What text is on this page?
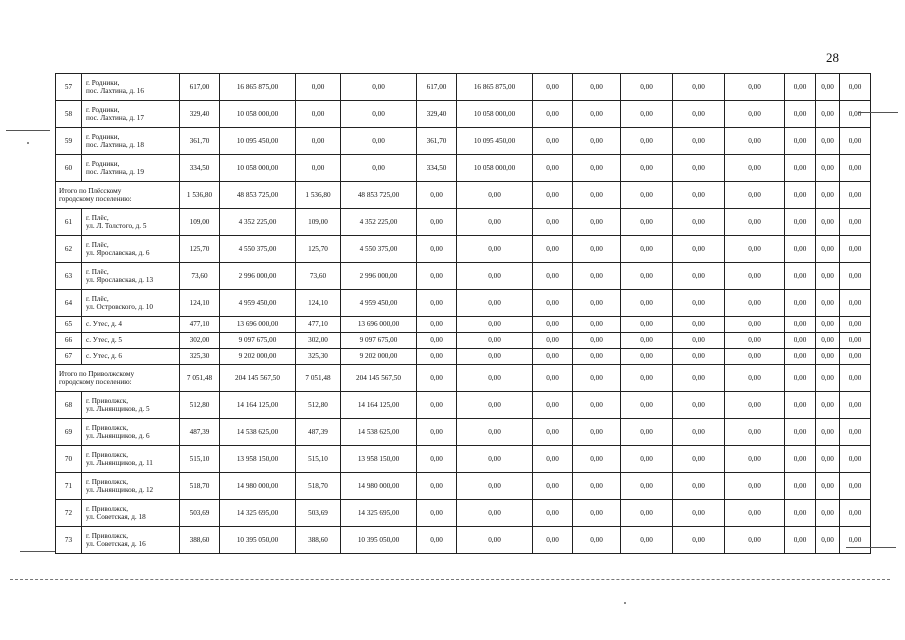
28
57	г. Родники,
пос. Лахтина, д. 16	617,00	16 865 875,00	0,00	0,00	617,00	16 865 875,00	0,00	0,00	0,00	0,00	0,00	0,00	0,00	0,00
58	г. Родники,
пос. Лахтина, д. 17	329,40	10 058 000,00	0,00	0,00	329,40	10 058 000,00	0,00	0,00	0,00	0,00	0,00	0,00	0,00	0,00
59	г. Родники,
пос. Лахтина, д. 18	361,70	10 095 450,00	0,00	0,00	361,70	10 095 450,00	0,00	0,00	0,00	0,00	0,00	0,00	0,00	0,00
60	г. Родники,
пос. Лахтина, д. 19	334,50	10 058 000,00	0,00	0,00	334,50	10 058 000,00	0,00	0,00	0,00	0,00	0,00	0,00	0,00	0,00
Итого по Плёсскому
городскому поселению:		1 536,80	48 853 725,00	1 536,80	48 853 725,00	0,00	0,00	0,00	0,00	0,00	0,00	0,00	0,00	0,00	0,00
61	г. Плёс,
ул. Л. Толстого, д. 5	109,00	4 352 225,00	109,00	4 352 225,00	0,00	0,00	0,00	0,00	0,00	0,00	0,00	0,00	0,00	0,00
62	г. Плёс,
ул. Ярославская, д. 6	125,70	4 550 375,00	125,70	4 550 375,00	0,00	0,00	0,00	0,00	0,00	0,00	0,00	0,00	0,00	0,00
63	г. Плёс,
ул. Ярославская, д. 13	73,60	2 996 000,00	73,60	2 996 000,00	0,00	0,00	0,00	0,00	0,00	0,00	0,00	0,00	0,00	0,00
64	г. Плёс,
ул. Островского, д. 10	124,10	4 959 450,00	124,10	4 959 450,00	0,00	0,00	0,00	0,00	0,00	0,00	0,00	0,00	0,00	0,00
65	с. Утес, д. 4	477,10	13 696 000,00	477,10	13 696 000,00	0,00	0,00	0,00	0,00	0,00	0,00	0,00	0,00	0,00	0,00
66	с. Утес, д. 5	302,00	9 097 675,00	302,00	9 097 675,00	0,00	0,00	0,00	0,00	0,00	0,00	0,00	0,00	0,00	0,00
67	с. Утес, д. 6	325,30	9 202 000,00	325,30	9 202 000,00	0,00	0,00	0,00	0,00	0,00	0,00	0,00	0,00	0,00	0,00
Итого по Приволжскому
городскому поселению:		7 051,48	204 145 567,50	7 051,48	204 145 567,50	0,00	0,00	0,00	0,00	0,00	0,00	0,00	0,00	0,00	0,00
68	г. Приволжск,
ул. Льнянщиков, д. 5	512,80	14 164 125,00	512,80	14 164 125,00	0,00	0,00	0,00	0,00	0,00	0,00	0,00	0,00	0,00	0,00
69	г. Приволжск,
ул. Льнянщиков, д. 6	487,39	14 538 625,00	487,39	14 538 625,00	0,00	0,00	0,00	0,00	0,00	0,00	0,00	0,00	0,00	0,00
70	г. Приволжск,
ул. Льнянщиков, д. 11	515,10	13 958 150,00	515,10	13 958 150,00	0,00	0,00	0,00	0,00	0,00	0,00	0,00	0,00	0,00	0,00
71	г. Приволжск,
ул. Льнянщиков, д. 12	518,70	14 980 000,00	518,70	14 980 000,00	0,00	0,00	0,00	0,00	0,00	0,00	0,00	0,00	0,00	0,00
72	г. Приволжск,
ул. Советская, д. 18	503,69	14 325 695,00	503,69	14 325 695,00	0,00	0,00	0,00	0,00	0,00	0,00	0,00	0,00	0,00	0,00
73	г. Приволжск,
ул. Советская, д. 16	388,60	10 395 050,00	388,60	10 395 050,00	0,00	0,00	0,00	0,00	0,00	0,00	0,00	0,00	0,00	0,00
